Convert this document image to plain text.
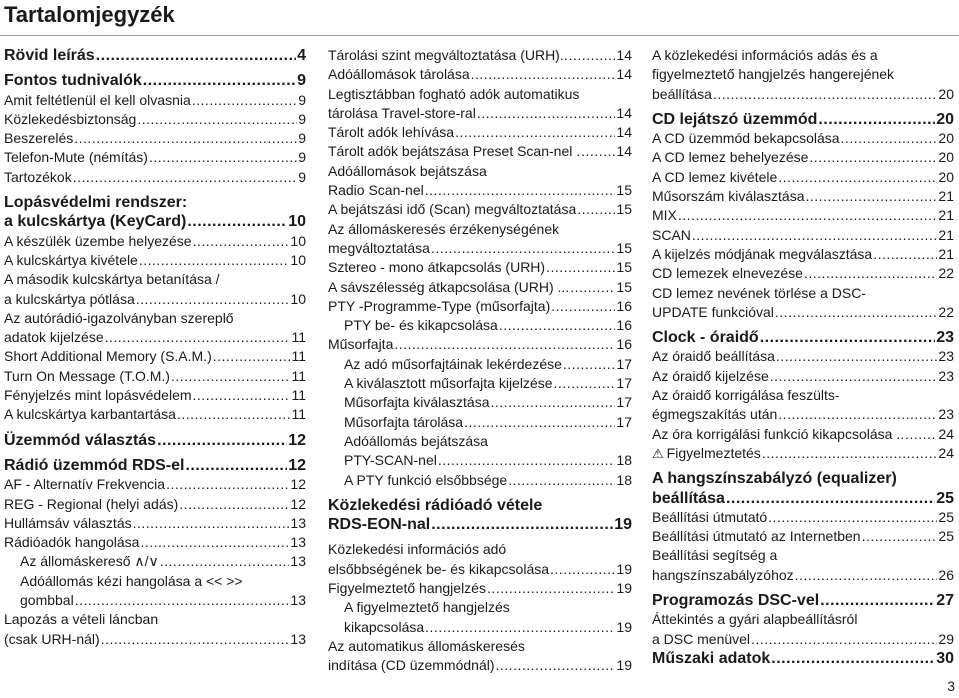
Tartalomjegyzék
Rövid leírás .....	4
Fontos tudnivalók .....	9
Amit feltétlenül el kell olvasnia .....	9
Közlekedésbiztonság .....	9
Beszerelés .....	9
Telefon-Mute (némítás) .....	9
Tartozékok .....	9
Lopásvédelmi rendszer:
a kulcskártya (KeyCard) .....	10
A készülék üzembe helyezése .....	10
A kulcskártya kivétele .....	10
A második kulcskártya betanítása /
a kulcskártya pótlása .....	10
Az autórádió-igazolványban szereplő
adatok kijelzése .....	11
Short Additional Memory (S.A.M.) .....	11
Turn On Message (T.O.M.) .....	11
Fényjelzés mint lopásvédelem .....	11
A kulcskártya karbantartása .....	11
Üzemmód választás .....	12
Rádió üzemmód RDS-el .....	12
AF - Alternatív Frekvencia .....	12
REG - Regional (helyi adás) .....	12
Hullámsáv választás .....	13
Rádióadók hangolása .....	13
Az állomáskereső ∧/∨ .....	13
Adóállomás kézi hangolása a << >>
gombbal .....	13
Lapozás a vételi láncban
(csak URH-nál) .....	13
Tárolási szint megváltoztatása (URH).. .....	14
Adóállomások tárolása .....	14
Legtisztábban fogható adók automatikus
tárolása Travel-store-ral .....	14
Tárolt adók lehívása .....	14
Tárolt adók bejátszása Preset Scan-nel . .....	14
Adóállomások bejátszása
Radio Scan-nel .....	15
A bejátszási idő (Scan) megváltoztatása .....	15
Az állomáskeresés érzékenységének
megváltoztatása .....	15
Sztereo - mono átkapcsolás (URH) .....	15
A sávszélesség átkapcsolása (URH) ... .....	15
PTY -Programme-Type (műsorfajta) .....	16
PTY be- és kikapcsolása .....	16
Műsorfajta .....	16
Az adó műsorfajtáinak lekérdezése .....	17
A kiválasztott műsorfajta kijelzése .....	17
Műsorfajta kiválasztása .....	17
Műsorfajta tárolása .....	17
Adóállomás bejátszása
PTY-SCAN-nel .....	18
A PTY funkció elsőbbsége .....	18
Közlekedési rádióadó vétele
RDS-EON-nal .....	19
Közlekedési információs adó
elsőbbségének be- és kikapcsolása .....	19
Figyelmeztető hangjelzés .....	19
A figyelmeztető hangjelzés
kikapcsolása .....	19
Az automatikus állomáskeresés
indítása (CD üzemmódnál) .....	19
A közlekedési információs adás és a
figyelmeztető hangjelzés hangerejének
beállítása .....	20
CD lejátszó üzemmód .....	20
A CD üzemmód bekapcsolása .....	20
A CD lemez behelyezése .....	20
A CD lemez kivétele .....	20
Műsorszám kiválasztása .....	21
MIX .....	21
SCAN .....	21
A kijelzés módjának megválasztása .....	21
CD lemezek elnevezése .....	22
CD lemez nevének törlése a DSC-
UPDATE funkcióval .....	22
Clock - óraidő .....	23
Az óraidő beállítása .....	23
Az óraidő kijelzése .....	23
Az óraidő korrigálása feszülts-
égmegszakítás után .....	23
Az óra korrigálási funkció kikapcsolása .. ..... 24
⚠ Figyelmeztetés .....	24
A hangszínszabályzó (equalizer)
beállítása .....	25
Beállítási útmutató .....	25
Beállítási útmutató az Internetben .....	25
Beállítási segítség a
hangszínszabályzóhoz .....	26
Programozás DSC-vel .....	27
Áttekintés a gyári alapbeállításról
a DSC menüvel .....	29
Műszaki adatok .....	30
3
